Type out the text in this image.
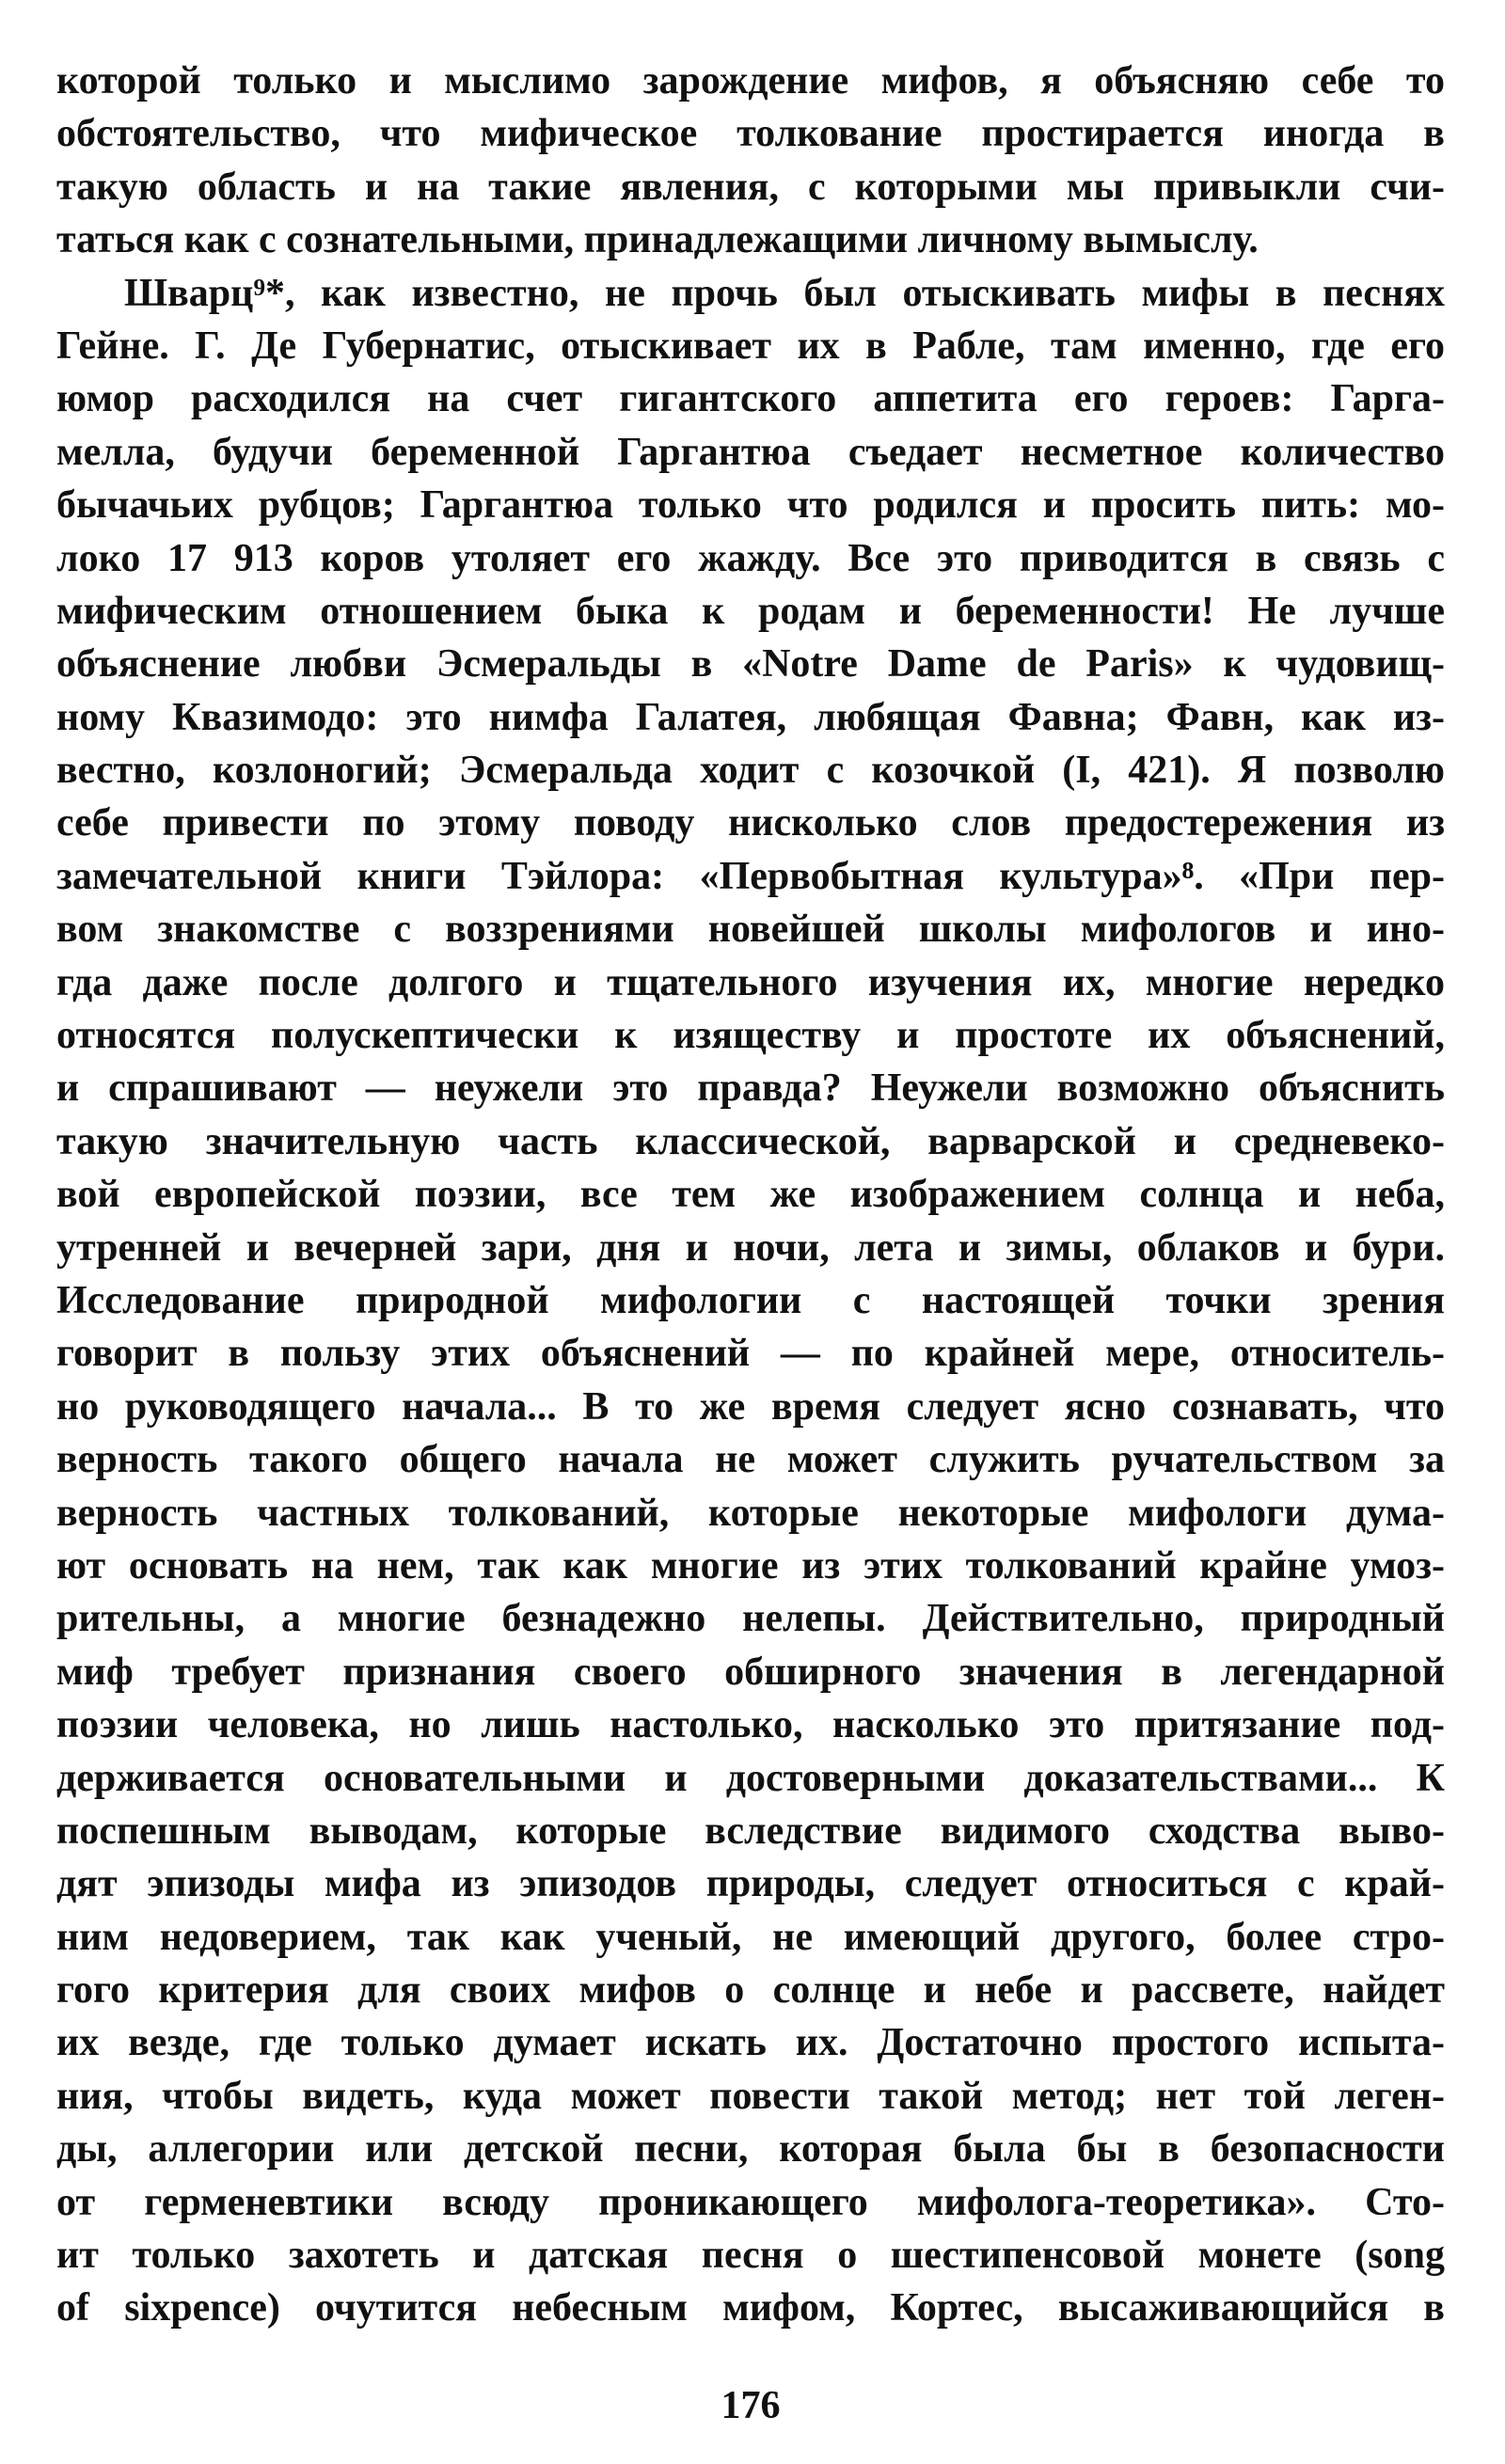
которой только и мыслимо зарождение мифов, я объясняю себе то
обстоятельство, что мифическое толкование простирается иногда в
такую область и на такие явления, с которыми мы привыкли счи-
таться как с сознательными, принадлежащими личному вымыслу.
Шварц⁹*, как известно, не прочь был отыскивать мифы в песнях
Гейне. Г. Де Губернатис, отыскивает их в Рабле, там именно, где его
юмор расходился на счет гигантского аппетита его героев: Гарга-
мелла, будучи беременной Гаргантюа съедает несметное количество
бычачьих рубцов; Гаргантюа только что родился и просить пить: мо-
локо 17 913 коров утоляет его жажду. Все это приводится в связь с
мифическим отношением быка к родам и беременности! Не лучше
объяснение любви Эсмеральды в «Notre Dame de Paris» к чудовищ-
ному Квазимодо: это нимфа Галатея, любящая Фавна; Фавн, как из-
вестно, козлоногий; Эсмеральда ходит с козочкой (I, 421). Я позволю
себе привести по этому поводу нисколько слов предостережения из
замечательной книги Тэйлора: «Первобытная культура»⁸. «При пер-
вом знакомстве с воззрениями новейшей школы мифологов и ино-
гда даже после долгого и тщательного изучения их, многие нередко
относятся полускептически к изяществу и простоте их объяснений,
и спрашивают — неужели это правда? Неужели возможно объяснить
такую значительную часть классической, варварской и средневеко-
вой европейской поэзии, все тем же изображением солнца и неба,
утренней и вечерней зари, дня и ночи, лета и зимы, облаков и бури.
Исследование природной мифологии с настоящей точки зрения
говорит в пользу этих объяснений — по крайней мере, относитель-
но руководящего начала... В то же время следует ясно сознавать, что
верность такого общего начала не может служить ручательством за
верность частных толкований, которые некоторые мифологи дума-
ют основать на нем, так как многие из этих толкований крайне умоз-
рительны, а многие безнадежно нелепы. Действительно, природный
миф требует признания своего обширного значения в легендарной
поэзии человека, но лишь настолько, насколько это притязание под-
держивается основательными и достоверными доказательствами... К
поспешным выводам, которые вследствие видимого сходства выво-
дят эпизоды мифа из эпизодов природы, следует относиться с край-
ним недоверием, так как ученый, не имеющий другого, более стро-
гого критерия для своих мифов о солнце и небе и рассвете, найдет
их везде, где только думает искать их. Достаточно простого испыта-
ния, чтобы видеть, куда может повести такой метод; нет той леген-
ды, аллегории или детской песни, которая была бы в безопасности
от герменевтики всюду проникающего мифолога-теоретика». Сто-
ит только захотеть и датская песня о шестипенсовой монете (song
of sixpence) очутится небесным мифом, Кортес, высаживающийся в
176
